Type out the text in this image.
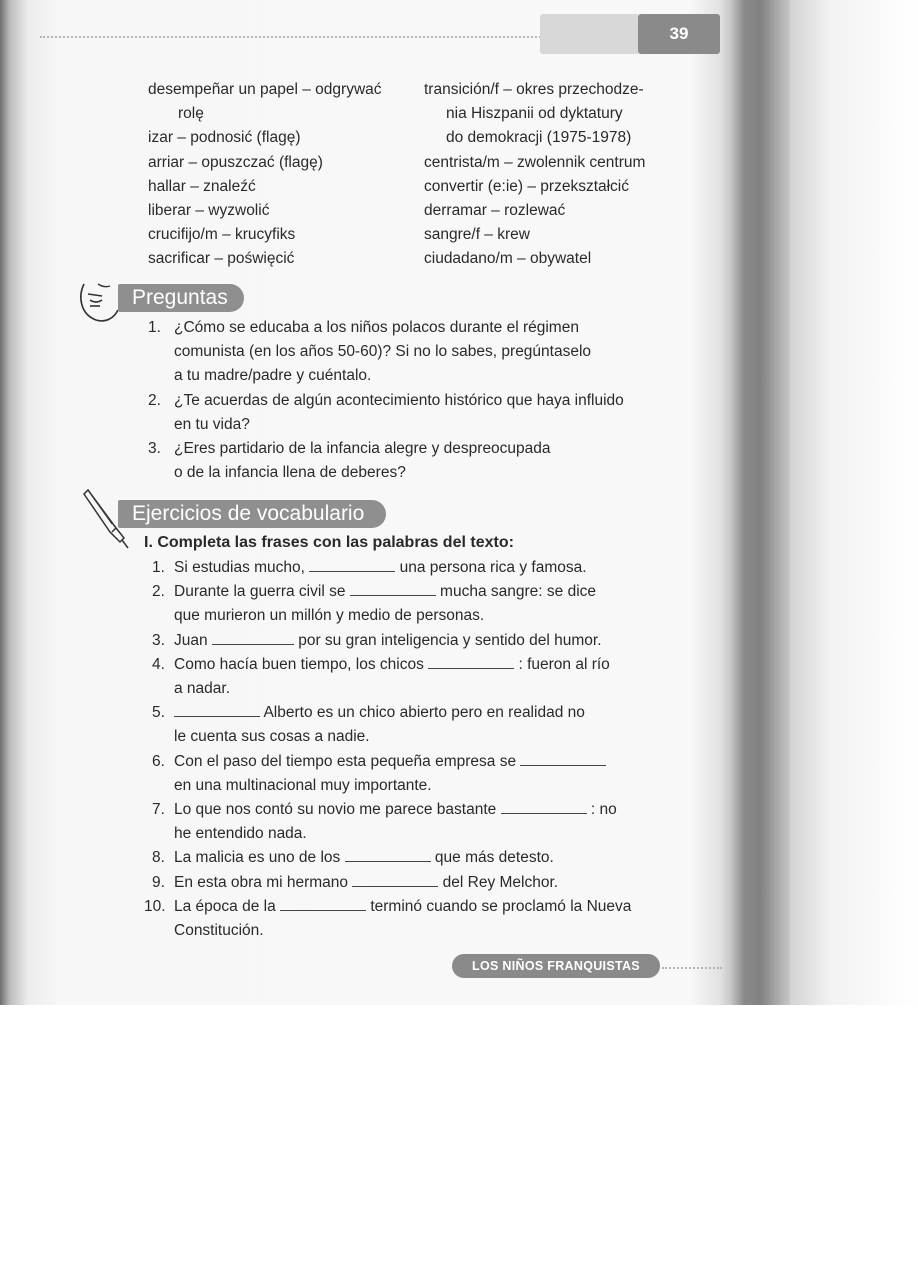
39

desempeñar un papel – odgrywać
rolę

izar – podnosić (flagę)

arriar – opuszczać (flagę)

hallar – znaleźć

liberar – wyzwolić

crucifijo/m – krucyfiks

sacrificar – poświęcić

transición/f – okres przechodze-
nia Hiszpanii od dyktatury
do demokracji (1975-1978)

centrista/m – zwolennik centrum

convertir (e:ie) – przekształcić

derramar – rozlewać

sangre/f – krew

ciudadano/m – obywatel

Preguntas
1. ¿Cómo se educaba a los niños polacos durante el régimen
comunista (en los años 50-60)? Si no lo sabes, pregúntaselo
a tu madre/padre y cuéntalo.
2. ¿Te acuerdas de algún acontecimiento histórico que haya influido
en tu vida?
3. ¿Eres partidario de la infancia alegre y despreocupada
o de la infancia llena de deberes?
Ejercicios de vocabulario
I. Completa las frases con las palabras del texto:
1. Si estudias mucho,	una persona rica y famosa.
2. Durante la guerra civil se	mucha sangre: se dice
que murieron un millón y medio de personas.
3. Juan	por su gran inteligencia y sentido del humor.
4. Como hacía buen tiempo, los chicos	: fueron al río
a nadar.
5.	Alberto es un chico abierto pero en realidad no
le cuenta sus cosas a nadie.
6. Con el paso del tiempo esta pequeña empresa se
en una multinacional muy importante.
7. Lo que nos contó su novio me parece bastante	: no
he entendido nada.
8. La malicia es uno de los	que más detesto.
9. En esta obra mi hermano	del Rey Melchor.
10. La época de la	terminó cuando se proclamó la Nueva
Constitución.
LOS NIÑOS FRANQUISTAS
